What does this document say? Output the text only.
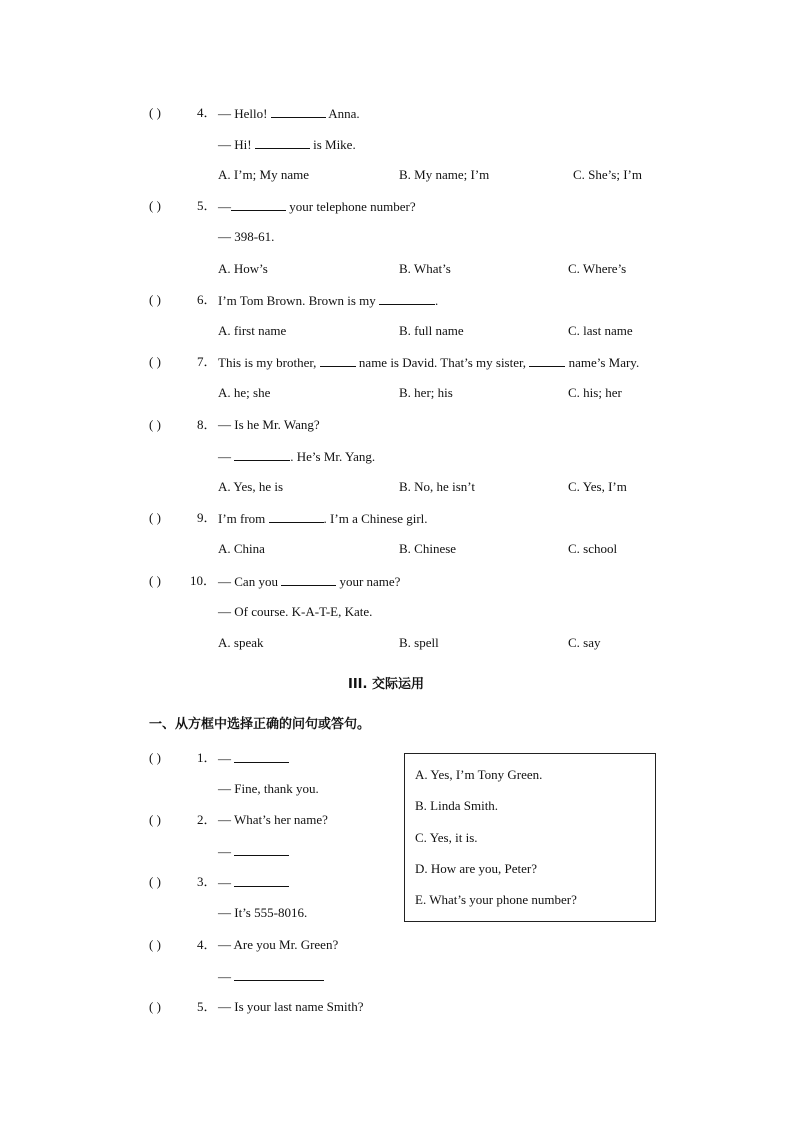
( )	4． — Hello!	Anna.
— Hi!	is Mike.
A. I’m; My name	B. My name; I’m	C. She’s; I’m
( )	5． —	your telephone number?
— 398-61.
A. How’s	B. What’s	C. Where’s
( )	6． I’m Tom Brown. Brown is my	.
A. first name	B. full name	C. last name
( )	7． This is my brother,	name is David. That’s my sister,	name’s Mary.
A. he; she	B. her; his	C. his; her
( )	8． — Is he Mr. Wang?
—	. He’s Mr. Yang.
A. Yes, he is	B. No, he isn’t	C. Yes, I’m
( )	9． I’m from	. I’m a Chinese girl.
A. China	B. Chinese	C. school
( ) 10． — Can you	your name?
— Of course. K-A-T-E, Kate.
A. speak	B. spell	C. say
III. 交际运用
一、从方框中选择正确的问句或答句。
( )	1． —
— Fine, thank you.
( )	2． — What’s her name?
—
( )	3． —
— It’s 555-8016.
( )	4． — Are you Mr. Green?
—
( )	5． — Is your last name Smith?
A. Yes, I’m Tony Green.
B. Linda Smith.
C. Yes, it is.
D. How are you, Peter?
E. What’s your phone number?
